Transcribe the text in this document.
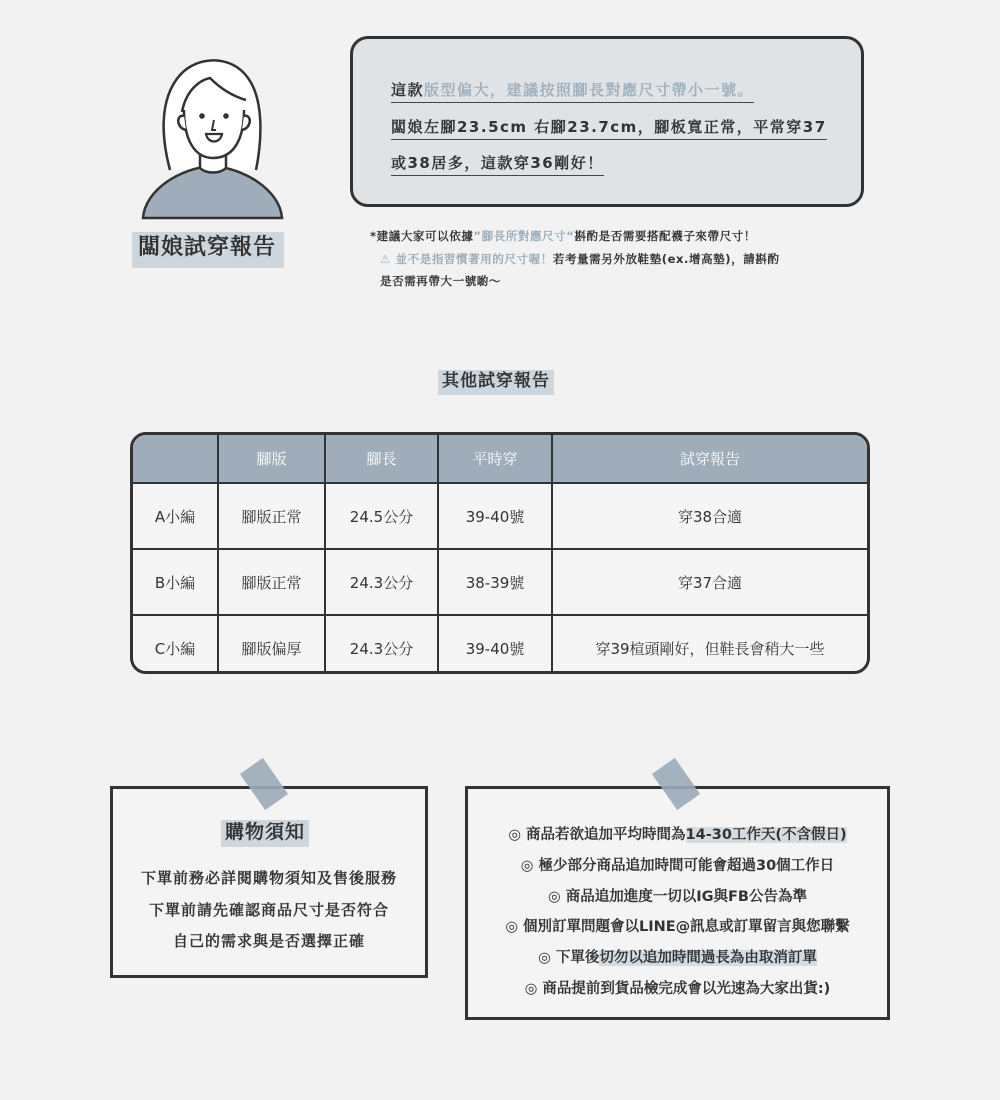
闆娘試穿報告
這款版型偏大，建議按照腳長對應尺寸帶小一號。
闆娘左腳23.5cm 右腳23.7cm，腳板寬正常，平常穿37
或38居多，這款穿36剛好！
*建議大家可以依據”腳長所對應尺寸“斟酌是否需要搭配襪子來帶尺寸！
⚠ 並不是指習慣著用的尺寸喔！若考量需另外放鞋墊(ex.增高墊)，請斟酌
是否需再帶大一號喲～
其他試穿報告
	腳版	腳長	平時穿	試穿報告
A小編	腳版正常	24.5公分	39-40號	穿38合適
B小編	腳版正常	24.3公分	38-39號	穿37合適
C小編	腳版偏厚	24.3公分	39-40號	穿39楦頭剛好，但鞋長會稍大一些
下單前務必詳閱購物須知及售後服務
下單前請先確認商品尺寸是否符合
自己的需求與是否選擇正確
購物須知	◎ 商品若欲追加平均時間為14-30工作天(不含假日)
◎ 極少部分商品追加時間可能會超過30個工作日
◎ 商品追加進度一切以IG與FB公告為準
◎ 個別訂單問題會以LINE@訊息或訂單留言與您聯繫
◎ 下單後切勿以追加時間過長為由取消訂單
◎ 商品提前到貨品檢完成會以光速為大家出貨:)
